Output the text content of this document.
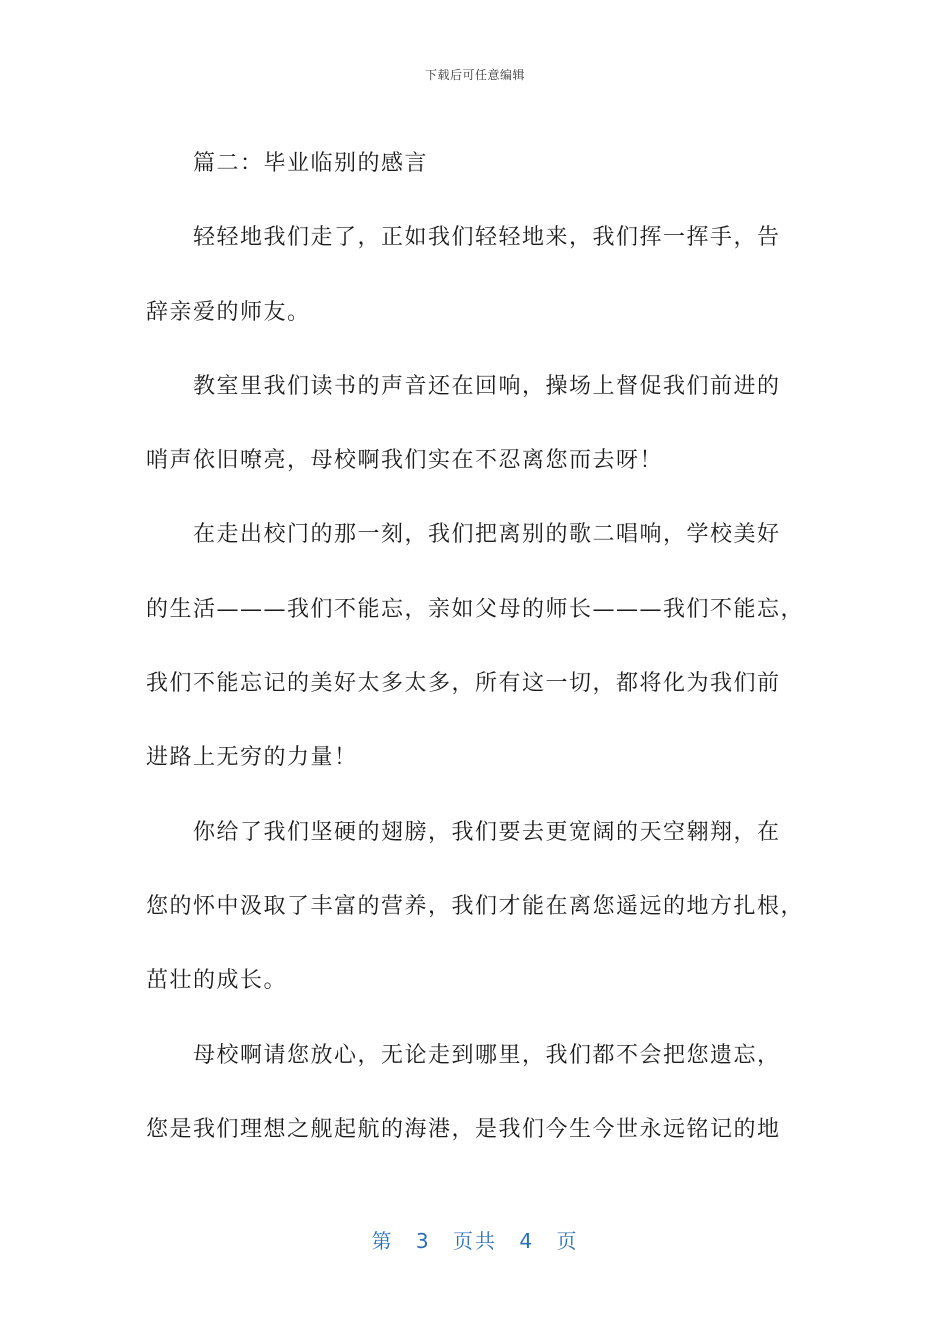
下载后可任意编辑
篇二：毕业临别的感言
轻轻地我们走了，正如我们轻轻地来，我们挥一挥手，告
辞亲爱的师友。
教室里我们读书的声音还在回响，操场上督促我们前进的
哨声依旧嘹亮，母校啊我们实在不忍离您而去呀！
在走出校门的那一刻，我们把离别的歌二唱响，学校美好
的生活———我们不能忘，亲如父母的师长———我们不能忘，
我们不能忘记的美好太多太多，所有这一切，都将化为我们前
进路上无穷的力量！
你给了我们坚硬的翅膀，我们要去更宽阔的天空翱翔，在
您的怀中汲取了丰富的营养，我们才能在离您遥远的地方扎根，
茁壮的成长。
母校啊请您放心，无论走到哪里，我们都不会把您遗忘，
您是我们理想之舰起航的海港，是我们今生今世永远铭记的地
第 3 页共 4 页
